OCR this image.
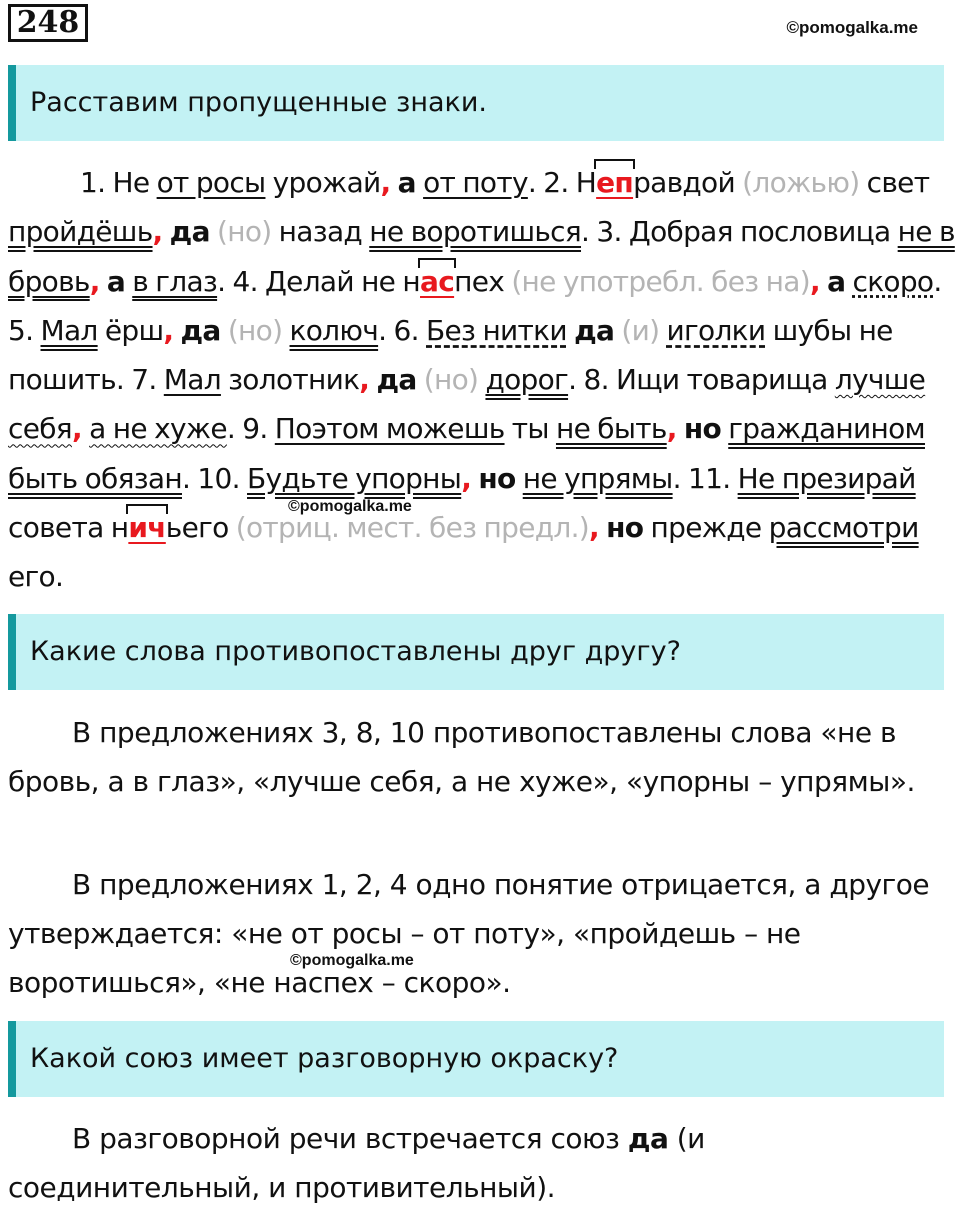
248	©pomogalka.me
©pomogalka.me
©pomogalka.me
Расставим пропущенные знаки.
1. Не от росы урожай, а от поту. 2. Неправдой (ложью) свет пройдёшь, да (но) назад не воротишься. 3. Добрая пословица не в бровь, а в глаз. 4. Делай не наспех (не употребл. без на), а скоро. 5. Мал ёрш, да (но) колюч. 6. Без нитки да (и) иголки шубы не пошить. 7. Мал золотник, да (но) дорог. 8. Ищи товарища лучше себя, а не хуже. 9. Поэтом можешь ты не быть, но гражданином быть обязан. 10. Будьте упорны, но не упрямы. 11. Не презирай совета ничьего (отриц. мест. без предл.), но прежде рассмотри его.
Какие слова противопоставлены друг другу?
В предложениях 3, 8, 10 противопоставлены слова «не в бровь, а в глаз», «лучше себя, а не хуже», «упорны – упрямы».
В предложениях 1, 2, 4 одно понятие отрицается, а другое утверждается: «не от росы – от поту», «пройдешь – не воротишься», «не наспех – скоро».
Какой союз имеет разговорную окраску?
В разговорной речи встречается союз да (и соединительный, и противительный).
